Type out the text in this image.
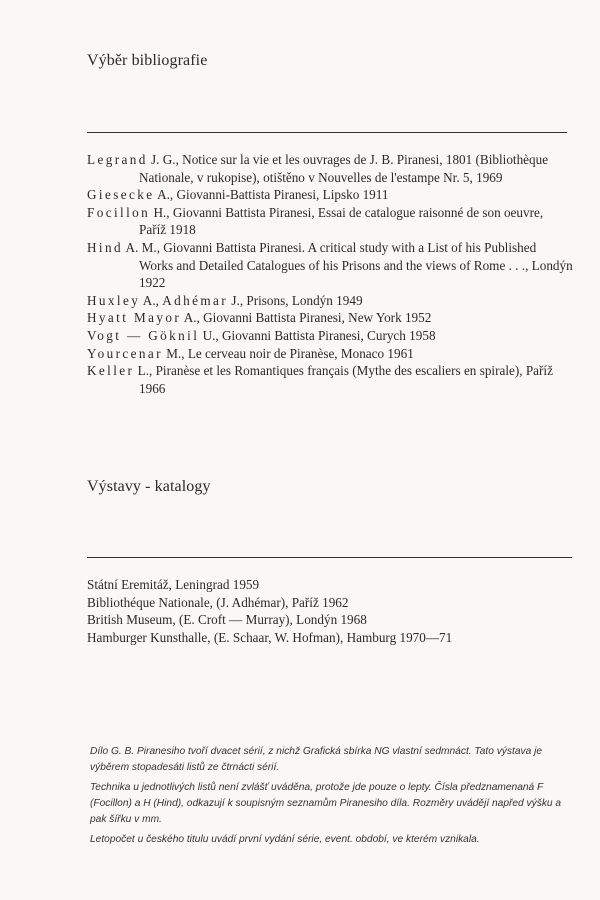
Výběr bibliografie
Legrand J. G., Notice sur la vie et les ouvrages de J. B. Piranesi, 1801 (Bibliothèque Nationale, v rukopise), otištěno v Nouvelles de l'estampe Nr. 5, 1969
Giesecke A., Giovanni-Battista Piranesi, Lipsko 1911
Focillon H., Giovanni Battista Piranesi, Essai de catalogue raisonné de son oeuvre, Paříž 1918
Hind A. M., Giovanni Battista Piranesi. A critical study with a List of his Published Works and Detailed Catalogues of his Prisons and the views of Rome . . ., Londýn 1922
Huxley A., Adhémar J., Prisons, Londýn 1949
Hyatt Mayor A., Giovanni Battista Piranesi, New York 1952
Vogt — Göknil U., Giovanni Battista Piranesi, Curych 1958
Yourcenar M., Le cerveau noir de Piranèse, Monaco 1961
Keller L., Piranèse et les Romantiques français (Mythe des escaliers en spirale), Paříž 1966
Výstavy - katalogy
Státní Eremitáž, Leningrad 1959
Bibliothéque Nationale, (J. Adhémar), Paříž 1962
British Museum, (E. Croft — Murray), Londýn 1968
Hamburger Kunsthalle, (E. Schaar, W. Hofman), Hamburg 1970—71

Dílo G. B. Piranesiho tvoří dvacet sérií, z nichž Grafická sbírka NG vlastní sedmnáct. Tato výstava je výběrem stopadesáti listů ze čtrnácti sérií.

Technika u jednotlivých listů není zvlášť uváděna, protože jde pouze o lepty. Čísla předznamenaná F (Focillon) a H (Hind), odkazují k soupisným seznamům Piranesiho díla. Rozměry uvádějí napřed výšku a pak šířku v mm.

Letopočet u českého titulu uvádí první vydání série, event. období, ve kterém vznikala.
